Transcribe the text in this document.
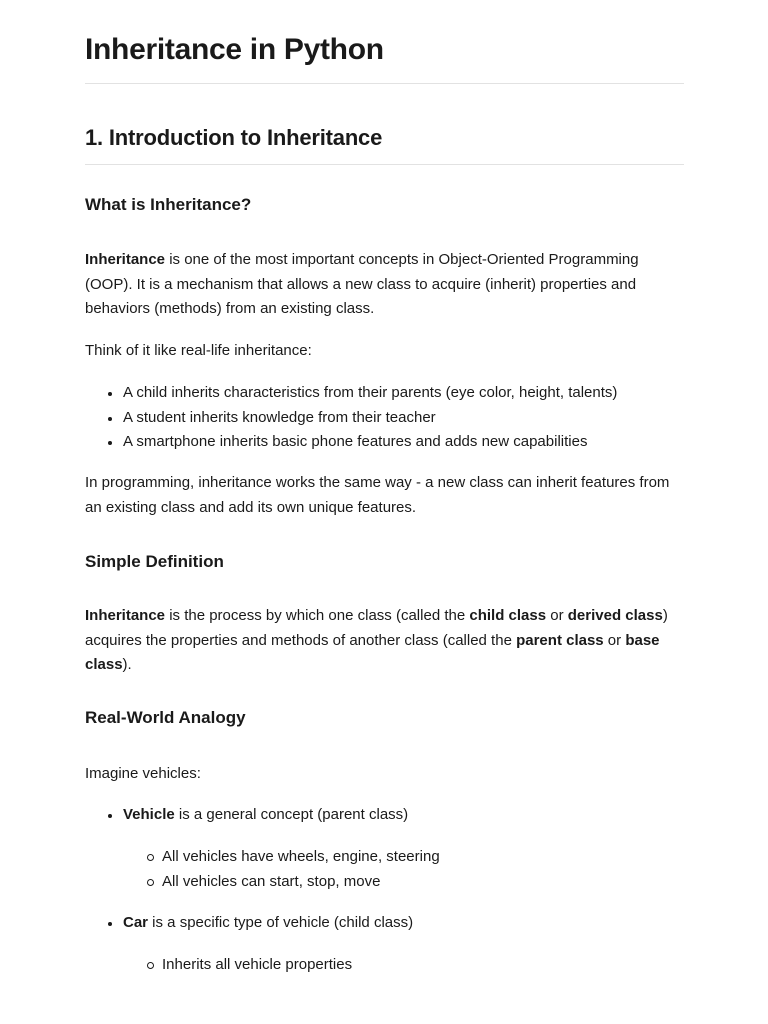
Inheritance in Python
1. Introduction to Inheritance
What is Inheritance?

Inheritance is one of the most important concepts in Object-Oriented Programming
(OOP). It is a mechanism that allows a new class to acquire (inherit) properties and
behaviors (methods) from an existing class.

Think of it like real-life inheritance:

A child inherits characteristics from their parents (eye color, height, talents)
A student inherits knowledge from their teacher
A smartphone inherits basic phone features and adds new capabilities

In programming, inheritance works the same way - a new class can inherit features from
an existing class and add its own unique features.

Simple Definition

Inheritance is the process by which one class (called the child class or derived class)
acquires the properties and methods of another class (called the parent class or base
class).

Real-World Analogy

Imagine vehicles:

Vehicle is a general concept (parent class)
All vehicles have wheels, engine, steering
All vehicles can start, stop, move
Car is a specific type of vehicle (child class)
Inherits all vehicle properties
